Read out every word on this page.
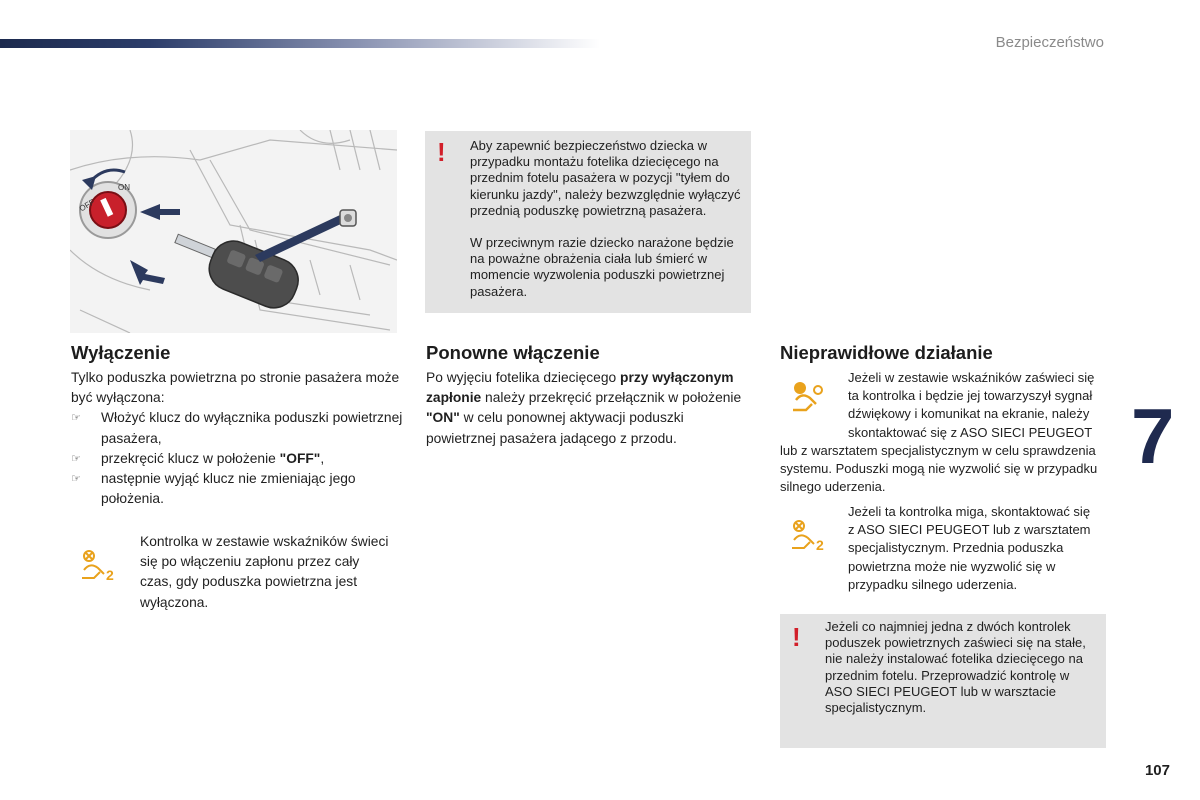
Bezpieczeństwo
OFF
ON
! Aby zapewnić bezpieczeństwo dziecka w przypadku montażu fotelika dziecięcego na przednim fotelu pasażera w pozycji "tyłem do kierunku jazdy", należy bezwzględnie wyłączyć przednią poduszkę powietrzną pasażera.

W przeciwnym razie dziecko narażone będzie na poważne obrażenia ciała lub śmierć w momencie wyzwolenia poduszki powietrznej pasażera.

Wyłączenie

Tylko poduszka powietrzna po stronie pasażera może być wyłączona:

☞ Włożyć klucz do wyłącznika poduszki powietrznej pasażera,
☞ przekręcić klucz w położenie "OFF",
☞ następnie wyjąć klucz nie zmieniając jego położenia.
2

Kontrolka w zestawie wskaźników świeci się po włączeniu zapłonu przez cały czas, gdy poduszka powietrzna jest wyłączona.

Ponowne włączenie

Po wyjęciu fotelika dziecięcego przy wyłączonym zapłonie należy przekręcić przełącznik w położenie "ON" w celu ponownej aktywacji poduszki powietrznej pasażera jadącego z przodu.

Nieprawidłowe działanie
Jeżeli w zestawie wskaźników zaświeci się ta kontrolka i będzie jej towarzyszył sygnał dźwiękowy i komunikat na ekranie, należy skontaktować się z ASO SIECI PEUGEOT lub z warsztatem specjalistycznym w celu sprawdzenia systemu. Poduszki mogą nie wyzwolić się w przypadku silnego uderzenia.
2

Jeżeli ta kontrolka miga, skontaktować się z ASO SIECI PEUGEOT lub z warsztatem specjalistycznym. Przednia poduszka powietrzna może nie wyzwolić się w przypadku silnego uderzenia.

! Jeżeli co najmniej jedna z dwóch kontrolek poduszek powietrznych zaświeci się na stałe, nie należy instalować fotelika dziecięcego na przednim fotelu. Przeprowadzić kontrolę w ASO SIECI PEUGEOT lub w warsztacie specjalistycznym.

7
107
